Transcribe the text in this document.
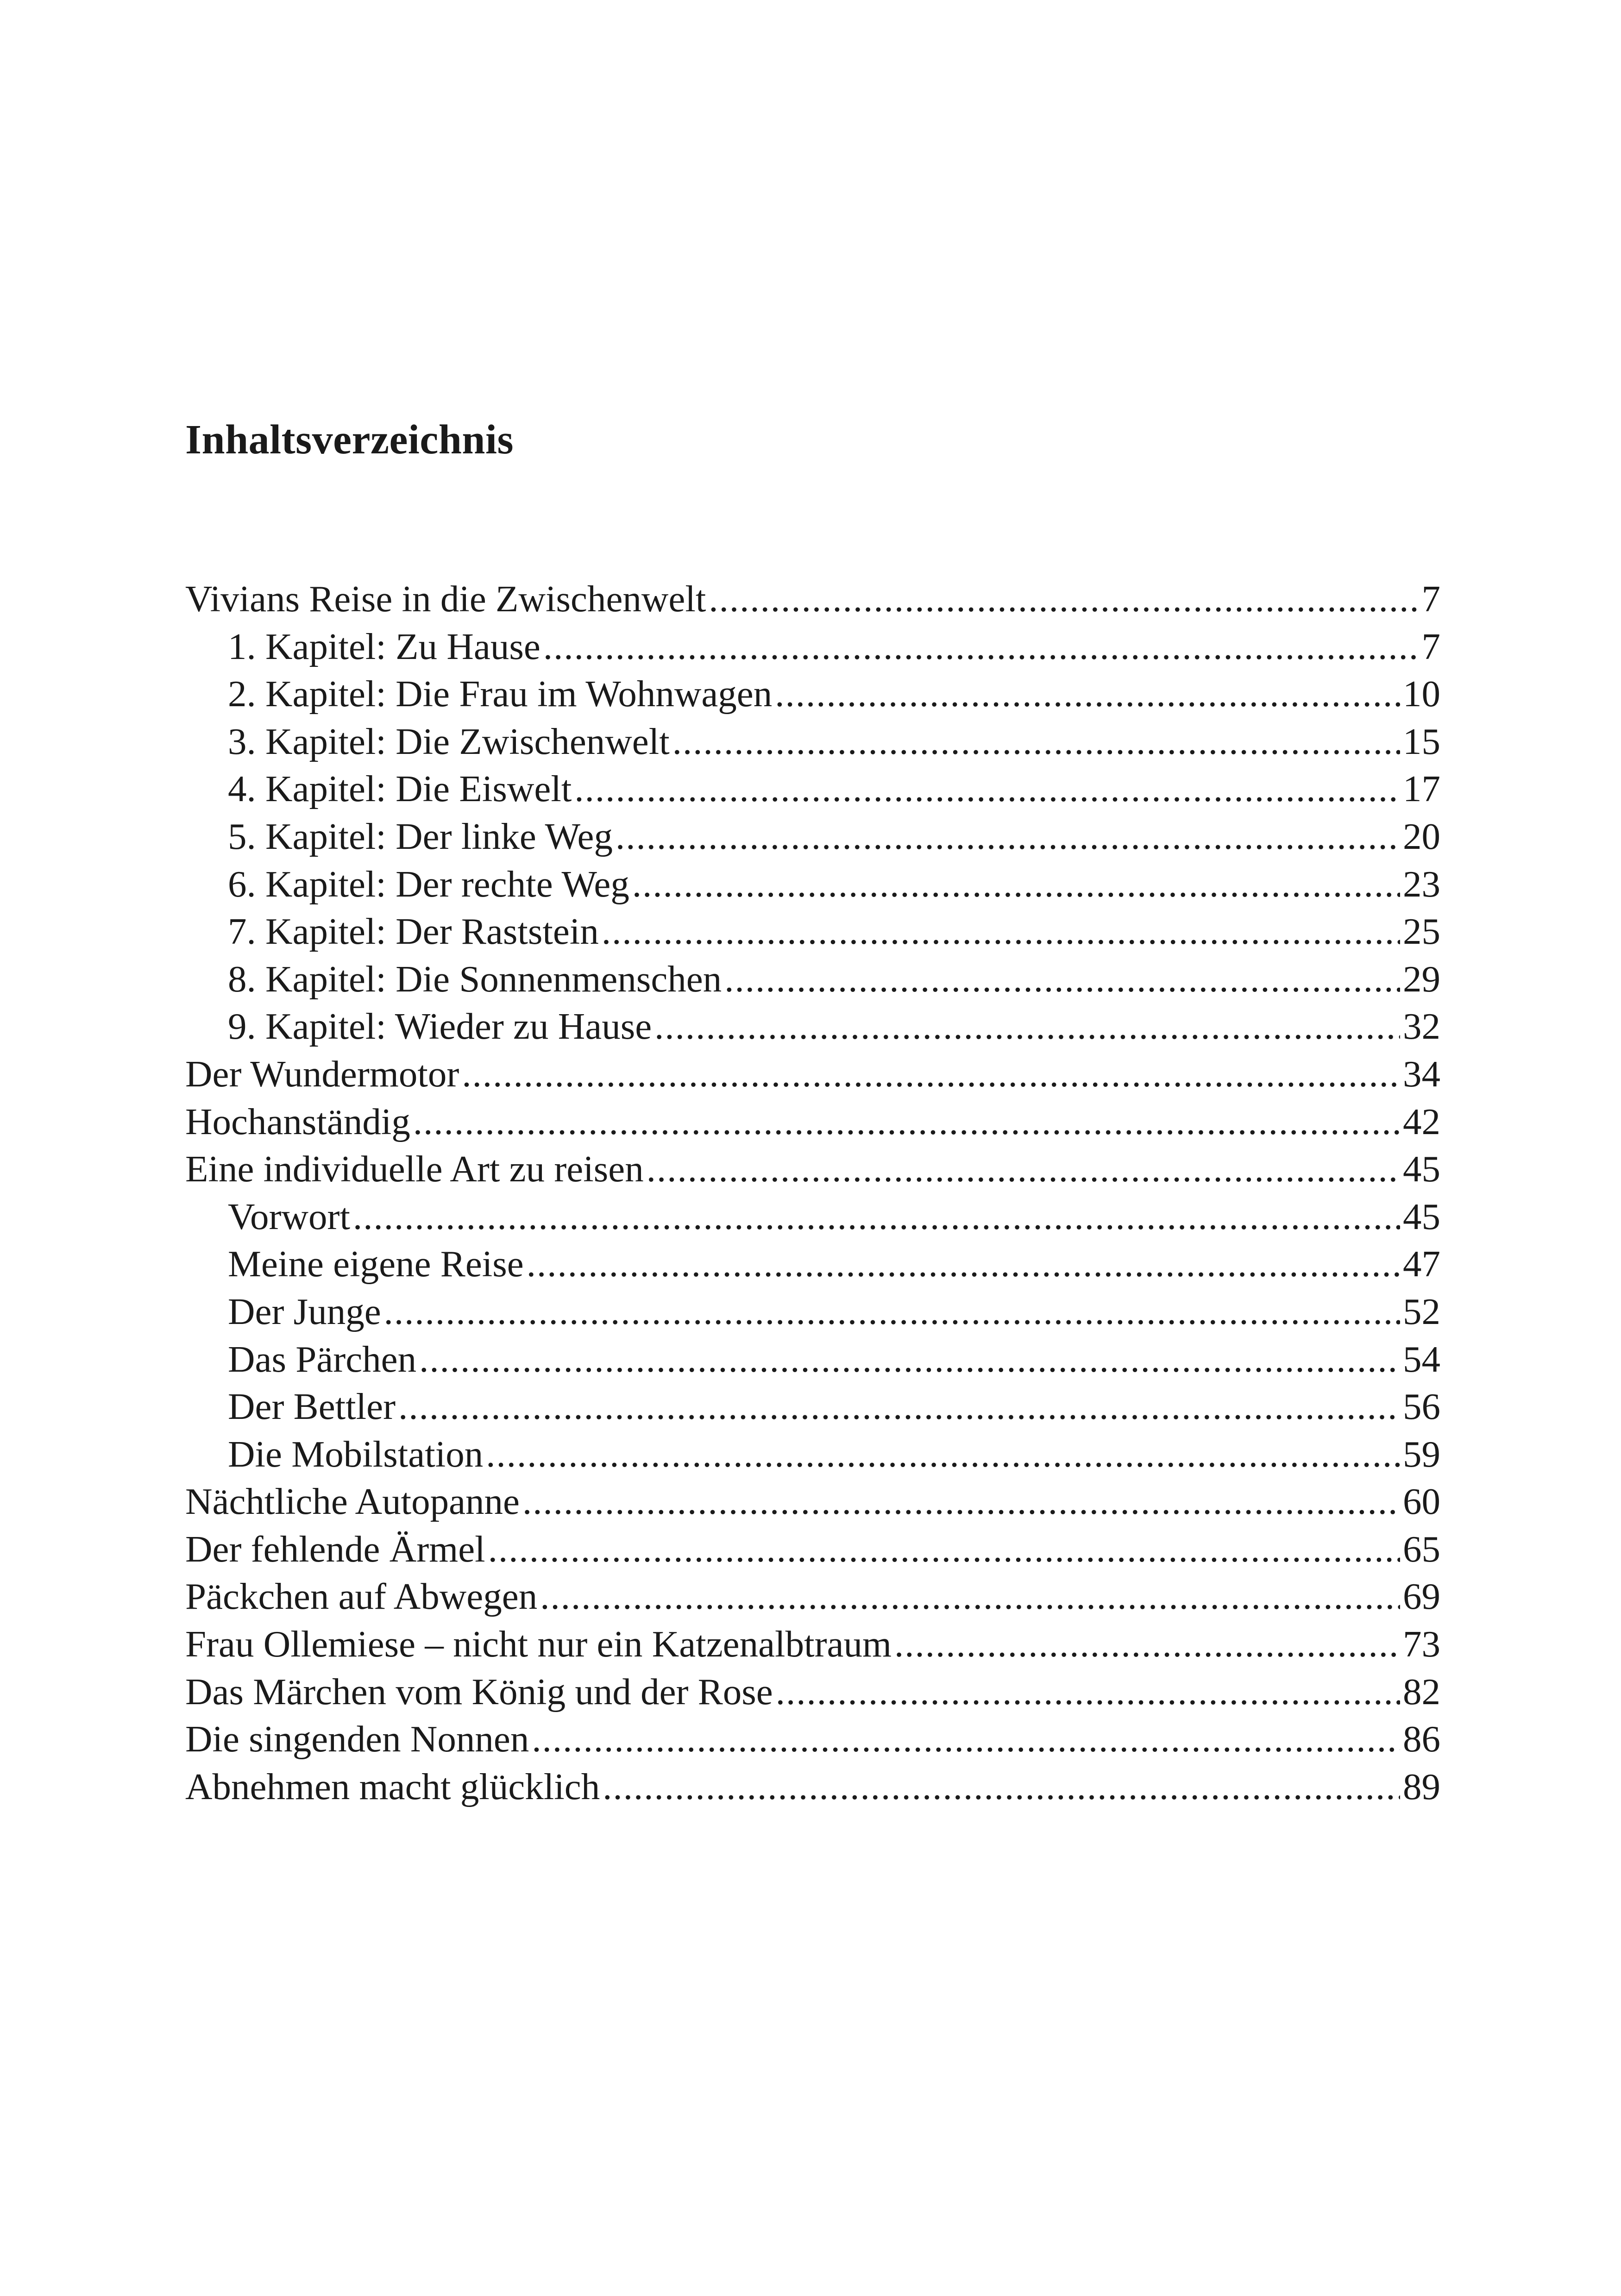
Inhaltsverzeichnis
Vivians Reise in die Zwischenwelt .....	7
1. Kapitel: Zu Hause .....	7
2. Kapitel: Die Frau im Wohnwagen .....	10
3. Kapitel: Die Zwischenwelt .....	15
4. Kapitel: Die Eiswelt .....	17
5. Kapitel: Der linke Weg .....	20
6. Kapitel: Der rechte Weg .....	23
7. Kapitel: Der Raststein .....	25
8. Kapitel: Die Sonnenmenschen .....	29
9. Kapitel: Wieder zu Hause .....	32
Der Wundermotor .....	34
Hochanständig .....	42
Eine individuelle Art zu reisen .....	45
Vorwort .....	45
Meine eigene Reise .....	47
Der Junge .....	52
Das Pärchen .....	54
Der Bettler .....	56
Die Mobilstation .....	59
Nächtliche Autopanne .....	60
Der fehlende Ärmel .....	65
Päckchen auf Abwegen .....	69
Frau Ollemiese – nicht nur ein Katzenalbtraum .....	73
Das Märchen vom König und der Rose .....	82
Die singenden Nonnen .....	86
Abnehmen macht glücklich .....	89
